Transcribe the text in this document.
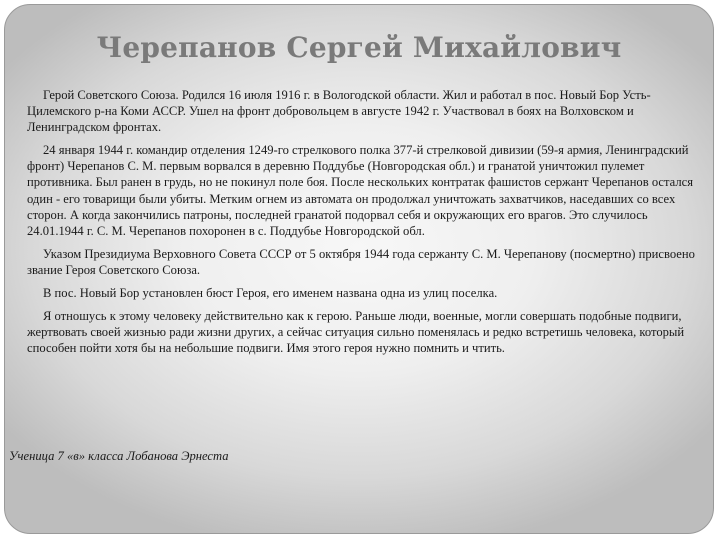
Черепанов Сергей Михайлович

Герой Советского Союза. Родился 16 июля 1916 г. в Вологодской области. Жил и работал в пос. Новый Бор Усть-Цилемского р-на Коми АССР. Ушел на фронт добровольцем в августе 1942 г. Участвовал в боях на Волховском и Ленинградском фронтах.

24 января 1944 г. командир отделения 1249-го стрелкового полка 377-й стрелковой дивизии (59-я армия, Ленинградский фронт) Черепанов С. М. первым ворвался в деревню Поддубье (Новгородская обл.) и гранатой уничтожил пулемет противника. Был ранен в грудь, но не покинул поле боя. После нескольких контратак фашистов сержант Черепанов остался один - его товарищи были убиты. Метким огнем из автомата он продолжал уничтожать захватчиков, наседавших со всех сторон. А когда закончились патроны, последней гранатой подорвал себя и окружающих его врагов. Это случилось 24.01.1944 г. С. М. Черепанов похоронен в с. Поддубье Новгородской обл.

Указом Президиума Верховного Совета СССР от 5 октября 1944 года сержанту С. М. Черепанову (посмертно) присвоено звание Героя Советского Союза.

В пос. Новый Бор установлен бюст Героя, его именем названа одна из улиц поселка.

Я отношусь к этому человеку действительно как к герою. Раньше люди, военные, могли совершать подобные подвиги, жертвовать своей жизнью ради жизни других, а сейчас ситуация сильно поменялась и редко встретишь человека, который способен пойти хотя бы на небольшие подвиги. Имя этого героя нужно помнить и чтить.

Ученица 7 «в» класса Лобанова Эрнеста
